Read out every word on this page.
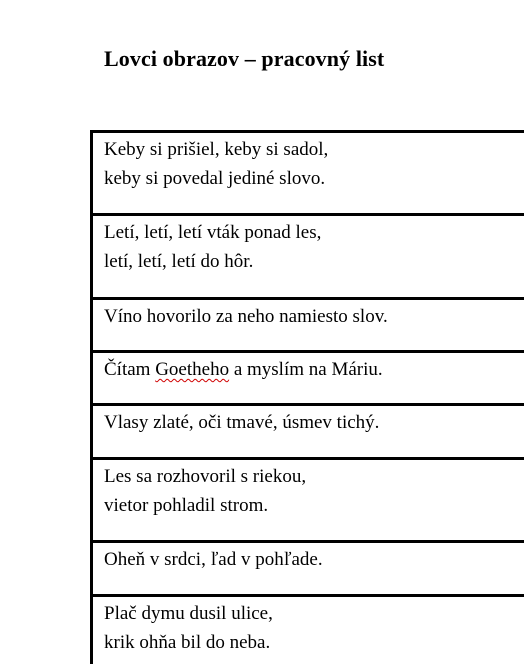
Lovci obrazov – pracovný list
Keby si prišiel, keby si sadol,
keby si povedal jediné slovo.
Letí, letí, letí vták ponad les,
letí, letí, letí do hôr.
Víno hovorilo za neho namiesto slov.
Čítam Goetheho a myslím na Máriu.
Vlasy zlaté, oči tmavé, úsmev tichý.
Les sa rozhovoril s riekou,
vietor pohladil strom.
Oheň v srdci, ľad v pohľade.
Plač dymu dusil ulice,
krik ohňa bil do neba.
